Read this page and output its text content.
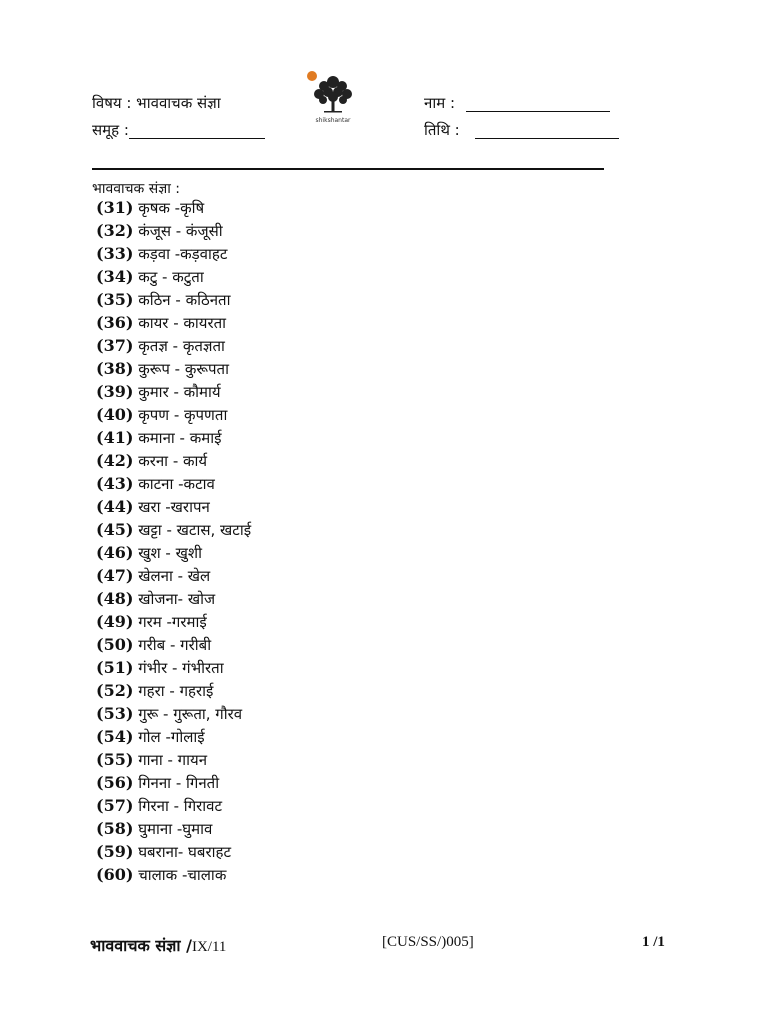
विषय : भाववाचक संज्ञा
समूह :
shikshantar
नाम :
तिथि :
भाववाचक संज्ञा :
(31) कृषक -कृषि
(32) कंजूस - कंजूसी
(33) कड़वा -कड़वाहट
(34) कटु - कटुता
(35) कठिन - कठिनता
(36) कायर - कायरता
(37) कृतज्ञ - कृतज्ञता
(38) कुरूप - कुरूपता
(39) कुमार - कौमार्य
(40) कृपण - कृपणता
(41) कमाना - कमाई
(42) करना - कार्य
(43) काटना -कटाव
(44) खरा -खरापन
(45) खट्टा - खटास, खटाई
(46) खुश - खुशी
(47) खेलना - खेल
(48) खोजना- खोज
(49) गरम -गरमाई
(50) गरीब - गरीबी
(51) गंभीर - गंभीरता
(52) गहरा - गहराई
(53) गुरू - गुरूता, गौरव
(54) गोल -गोलाई
(55) गाना - गायन
(56) गिनना - गिनती
(57) गिरना - गिरावट
(58) घुमाना -घुमाव
(59) घबराना- घबराहट
(60) चालाक -चालाक
भाववाचक संज्ञा /IX/11	[CUS/SS/)005]	1 /1
